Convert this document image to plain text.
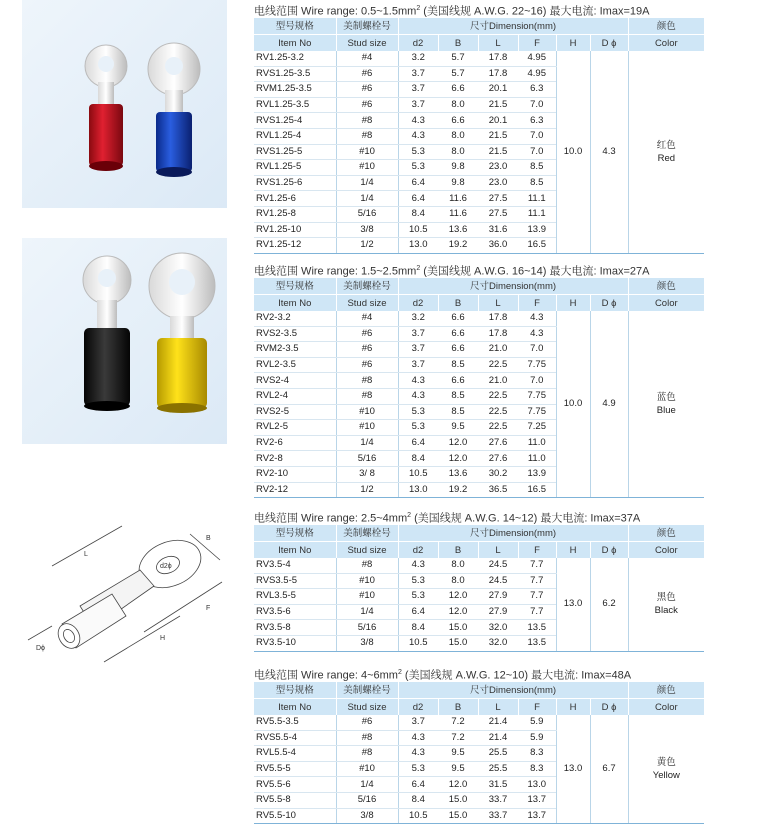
B
L
d2ϕ
F
H
Dϕ
电线范围 Wire range: $0.5\sim 1.5mm^2$ (美国线规 A.W.G. 22~16) 最大电流: Imax=19A
型号规格	美制螺栓号	尺寸Dimension(mm)						颜色
Item No	Stud size	d2	B	L	F	H	D ϕ	Color
RV1.25-3.2	#4	3.2	5.7	17.8	4.95	10.0	4.3	红色
Red
RVS1.25-3.5	#6	3.7	5.7	17.8	4.95			
RVM1.25-3.5	#6	3.7	6.6	20.1	6.3			
RVL1.25-3.5	#6	3.7	8.0	21.5	7.0			
RVS1.25-4	#8	4.3	6.6	20.1	6.3			
RVL1.25-4	#8	4.3	8.0	21.5	7.0			
RVS1.25-5	#10	5.3	8.0	21.5	7.0			
RVL1.25-5	#10	5.3	9.8	23.0	8.5			
RVS1.25-6	1/4	6.4	9.8	23.0	8.5			
RV1.25-6	1/4	6.4	11.6	27.5	11.1			
RV1.25-8	5/16	8.4	11.6	27.5	11.1			
RV1.25-10	3/8	10.5	13.6	31.6	13.9			
RV1.25-12	1/2	13.0	19.2	36.0	16.5			
电线范围 Wire range: $1.5\sim 2.5mm^2$ (美国线规 A.W.G. 16~14) 最大电流: Imax=27A
型号规格	美制螺栓号	尺寸Dimension(mm)						颜色
Item No	Stud size	d2	B	L	F	H	D ϕ	Color
RV2-3.2	#4	3.2	6.6	17.8	4.3	10.0	4.9	蓝色
Blue
RVS2-3.5	#6	3.7	6.6	17.8	4.3			
RVM2-3.5	#6	3.7	6.6	21.0	7.0			
RVL2-3.5	#6	3.7	8.5	22.5	7.75			
RVS2-4	#8	4.3	6.6	21.0	7.0			
RVL2-4	#8	4.3	8.5	22.5	7.75			
RVS2-5	#10	5.3	8.5	22.5	7.75			
RVL2-5	#10	5.3	9.5	22.5	7.25			
RV2-6	1/4	6.4	12.0	27.6	11.0			
RV2-8	5/16	8.4	12.0	27.6	11.0			
RV2-10	3/ 8	10.5	13.6	30.2	13.9			
RV2-12	1/2	13.0	19.2	36.5	16.5			
电线范围 Wire range: $2.5\sim 4mm^2$ (美国线规 A.W.G. 14~12) 最大电流: Imax=37A
型号规格	美制螺栓号	尺寸Dimension(mm)						颜色
Item No	Stud size	d2	B	L	F	H	D ϕ	Color
RV3.5-4	#8	4.3	8.0	24.5	7.7	13.0	6.2	黑色
Black
RVS3.5-5	#10	5.3	8.0	24.5	7.7			
RVL3.5-5	#10	5.3	12.0	27.9	7.7			
RV3.5-6	1/4	6.4	12.0	27.9	7.7			
RV3.5-8	5/16	8.4	15.0	32.0	13.5			
RV3.5-10	3/8	10.5	15.0	32.0	13.5			
电线范围 Wire range: $4\sim 6mm^2$ (美国线规 A.W.G. 12~10) 最大电流: Imax=48A
型号规格	美制螺栓号	尺寸Dimension(mm)						颜色
Item No	Stud size	d2	B	L	F	H	D ϕ	Color
RV5.5-3.5	#6	3.7	7.2	21.4	5.9	13.0	6.7	黄色
Yellow
RVS5.5-4	#8	4.3	7.2	21.4	5.9			
RVL5.5-4	#8	4.3	9.5	25.5	8.3			
RV5.5-5	#10	5.3	9.5	25.5	8.3			
RV5.5-6	1/4	6.4	12.0	31.5	13.0			
RV5.5-8	5/16	8.4	15.0	33.7	13.7			
RV5.5-10	3/8	10.5	15.0	33.7	13.7			
